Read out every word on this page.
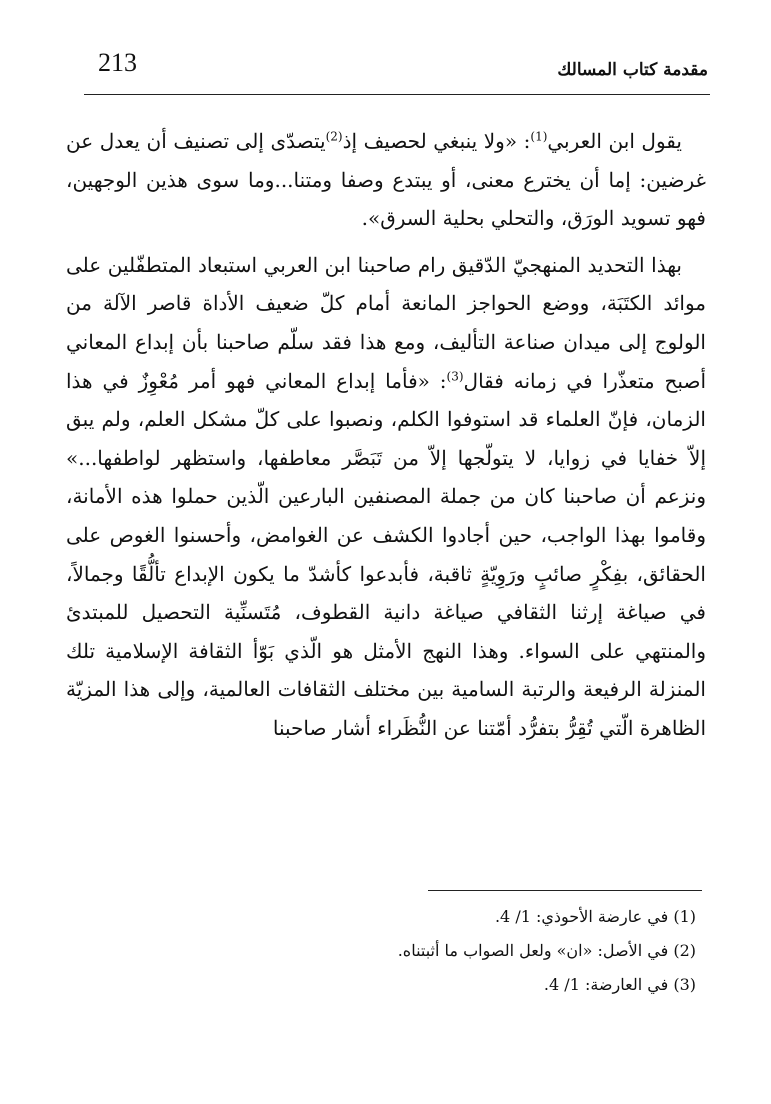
213	مقدمة كتاب المسالك

يقول ابن العربي$^{(1)}$: «ولا ينبغي لحصيف إذ$^{(2)}$يتصدّى إلى تصنيف أن يعدل عن غرضين: إما أن يخترع معنى، أو يبتدع وصفا ومتنا...وما سوى هذين الوجهين، فهو تسويد الورَق، والتحلي بحلية السرق».

بهذا التحديد المنهجيّ الدّقيق رام صاحبنا ابن العربي استبعاد المتطفّلين على موائد الكتَبَة، ووضع الحواجز المانعة أمام كلّ ضعيف الأداة قاصر الآلة من الولوج إلى ميدان صناعة التأليف، ومع هذا فقد سلّم صاحبنا بأن إبداع المعاني أصبح متعذّرا في زمانه فقال$^{(3)}$: «فأما إبداع المعاني فهو أمر مُعْوِزٌ في هذا الزمان، فإنّ العلماء قد استوفوا الكلم، ونصبوا على كلّ مشكل العلم، ولم يبق إلاّ خفايا في زوايا، لا يتولّجها إلاّ من تَبَصَّر معاطفها، واستظهر لواطفها...» ونزعم أن صاحبنا كان من جملة المصنفين البارعين الّذين حملوا هذه الأمانة، وقاموا بهذا الواجب، حين أجادوا الكشف عن الغوامض، وأحسنوا الغوص على الحقائق، بفِكْرٍ صائبٍ ورَوِيّةٍ ثاقبة، فأبدعوا كأشدّ ما يكون الإبداع تألُّقًا وجمالاً، في صياغة إرثنا الثقافي صياغة دانية القطوف، مُتَسنِّية التحصيل للمبتدئ والمنتهي على السواء. وهذا النهج الأمثل هو الّذي بَوّأ الثقافة الإسلامية تلك المنزلة الرفيعة والرتبة السامية بين مختلف الثقافات العالمية، وإلى هذا المزيّة الظاهرة الّتي تُقِرُّ بتفرُّد أمّتنا عن النُّظَراء أشار صاحبنا

(1) في عارضة الأحوذي: 1/ 4.
(2) في الأصل: «ان» ولعل الصواب ما أثبتناه.
(3) في العارضة: 1/ 4.
